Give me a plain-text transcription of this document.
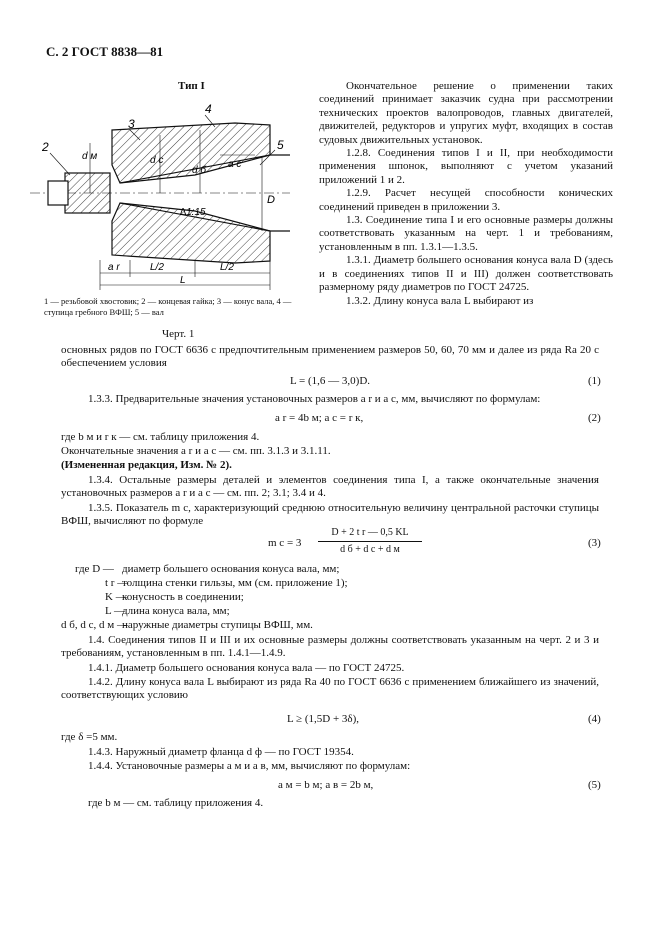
С. 2 ГОСТ 8838—81
Тип I
2
3
4
5
d м	d c
d б
a c
D
∆1:15
a r	L/2	L/2
L
1 — резьбовой хвостовик; 2 — концевая гайка; 3 — конус вала, 4 — ступица гребного ВФШ; 5 — вал
Черт. 1

Окончательное решение о применении таких соединений принимает заказчик судна при рассмотрении технических проектов валопроводов, главных двигателей, движителей, редукторов и упругих муфт, входящих в состав судовых движительных установок.

1.2.8. Соединения типов I и II, при необходимости применения шпонок, выполняют с учетом указаний приложений 1 и 2.

1.2.9. Расчет несущей способности конических соединений приведен в приложении 3.

1.3. Соединение типа I и его основные размеры должны соответствовать указанным на черт. 1 и требованиям, установленным в пп. 1.3.1—1.3.5.

1.3.1. Диаметр большего основания конуса вала D (здесь и в соединениях типов II и III) должен соответствовать размерному ряду диаметров по ГОСТ 24725.

1.3.2. Длину конуса вала L выбирают из

основных рядов по ГОСТ 6636 с предпочтительным применением размеров 50, 60, 70 мм и далее из ряда Ra 20 с обеспечением условия
L = (1,6 — 3,0)D.	(1)
1.3.3. Предварительные значения установочных размеров a r и a c, мм, вычисляют по формулам:
a r = 4b м; a c = r к,	(2)
где b м и r к — см. таблицу приложения 4.
Окончательные значения a r и a c — см. пп. 3.1.3 и 3.1.11.
(Измененная редакция, Изм. № 2).

1.3.4. Остальные размеры деталей и элементов соединения типа I, а также окончательные значения установочных размеров a r и a c — см. пп. 2; 3.1; 3.4 и 4.

1.3.5. Показатель m c, характеризующий среднюю относительную величину центральной расточки ступицы ВФШ, вычисляют по формуле

m c = 3
D + 2 t r — 0,5 KL
d б + d c + d м
(3)
где D — диаметр большего основания конуса вала, мм;
t r —
толщина стенки гильзы, мм (см. приложение 1);
K —
конусность в соединении;
L —
длина конуса вала, мм;
d б, d c, d м —
наружные диаметры ступицы ВФШ, мм.

1.4. Соединения типов II и III и их основные размеры должны соответствовать указанным на черт. 2 и 3 и требованиям, установленным в пп. 1.4.1—1.4.9.

1.4.1. Диаметр большего основания конуса вала — по ГОСТ 24725.

1.4.2. Длину конуса вала L выбирают из ряда Ra 40 по ГОСТ 6636 с применением ближайшего из значений, соответствующих условию

L ≥ (1,5D + 3δ),	(4)
где δ =5 мм.
1.4.3. Наружный диаметр фланца d ф — по ГОСТ 19354.
1.4.4. Установочные размеры a м и a в, мм, вычисляют по формулам:
a м = b м; a в = 2b м,	(5)
где b м — см. таблицу приложения 4.
